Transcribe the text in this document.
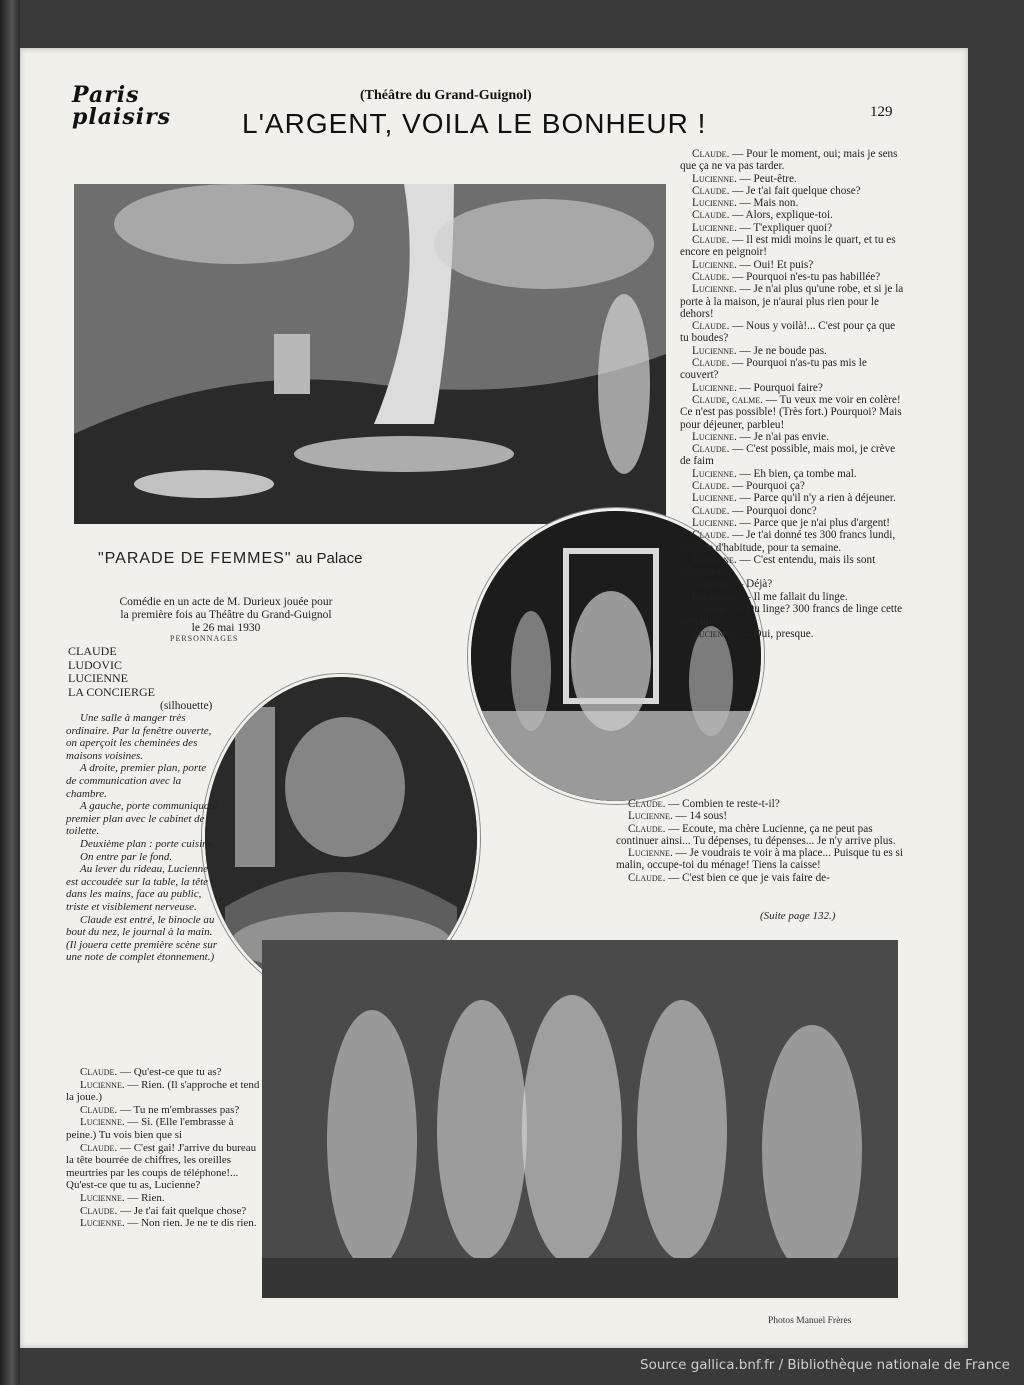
Paris
plaisirs
(Théâtre du Grand-Guignol)
L'ARGENT, VOILA LE BONHEUR !	129
"PARADE DE FEMMES" au Palace
Comédie en un acte de M. Durieux jouée pour la première fois au Théâtre du Grand-Guignol le 26 mai 1930
PERSONNAGES
CLAUDE
LUDOVIC
LUCIENNE
LA CONCIERGE
(silhouette)

Une salle à manger très ordinaire. Par la fenêtre ouverte, on aperçoit les cheminées des maisons voisines.

A droite, premier plan, porte de communication avec la chambre.

A gauche, porte communiquant premier plan avec le cabinet de toilette.

Deuxième plan : porte cuisine.

On entre par le fond.

Au lever du rideau, Lucienne est accoudée sur la table, la tête dans les mains, face au public, triste et visiblement nerveuse.

Claude est entré, le binocle au bout du nez, le journal à la main. (Il jouera cette première scène sur une note de complet étonnement.)

Claude. — Qu'est-ce que tu as?

Lucienne. — Rien. (Il s'approche et tend la joue.)

Claude. — Tu ne m'embrasses pas?

Lucienne. — Si. (Elle l'embrasse à peine.) Tu vois bien que si

Claude. — C'est gai! J'arrive du bureau la tête bourrée de chiffres, les oreilles meurtries par les coups de téléphone!... Qu'est-ce que tu as, Lucienne?

Lucienne. — Rien.

Claude. — Je t'ai fait quelque chose?

Lucienne. — Non rien. Je ne te dis rien.

Claude. — Pour le moment, oui; mais je sens que ça ne va pas tarder.

Lucienne. — Peut-être.

Claude. — Je t'ai fait quelque chose?

Lucienne. — Mais non.

Claude. — Alors, explique-toi.

Lucienne. — T'expliquer quoi?

Claude. — Il est midi moins le quart, et tu es encore en peignoir!

Lucienne. — Oui! Et puis?

Claude. — Pourquoi n'es-tu pas habillée?

Lucienne. — Je n'ai plus qu'une robe, et si je la porte à la maison, je n'aurai plus rien pour le dehors!

Claude. — Nous y voilà!... C'est pour ça que tu boudes?

Lucienne. — Je ne boude pas.

Claude. — Pourquoi n'as-tu pas mis le couvert?

Lucienne. — Pourquoi faire?

Claude, calme. — Tu veux me voir en colère! Ce n'est pas possible! (Très fort.) Pourquoi? Mais pour déjeuner, parbleu!

Lucienne. — Je n'ai pas envie.

Claude. — C'est possible, mais moi, je crève de faim

Lucienne. — Eh bien, ça tombe mal.

Claude. — Pourquoi ça?

Lucienne. — Parce qu'il n'y a rien à déjeuner.

Claude. — Pourquoi donc?

Lucienne. — Parce que je n'ai plus d'argent!

Claude. — Je t'ai donné tes 300 francs lundi, comme d'habitude, pour ta semaine.

Lucienne. — C'est entendu, mais ils sont dépensés.

Claude. — Déjà?

Lucienne. — Il me fallait du linge.

Claude. — Du linge? 300 francs de linge cette semaine?

Lucienne. — Oui, presque.

Claude. — Combien te reste-t-il?

Lucienne. — 14 sous!

Claude. — Ecoute, ma chère Lucienne, ça ne peut pas continuer ainsi... Tu dépenses, tu dépenses... Je n'y arrive plus.

Lucienne. — Je voudrais te voir à ma place... Puisque tu es si malin, occupe-toi du ménage! Tiens la caisse!

Claude. — C'est bien ce que je vais faire de-

(Suite page 132.)
Photos Manuel Frères
Source gallica.bnf.fr / Bibliothèque nationale de France
